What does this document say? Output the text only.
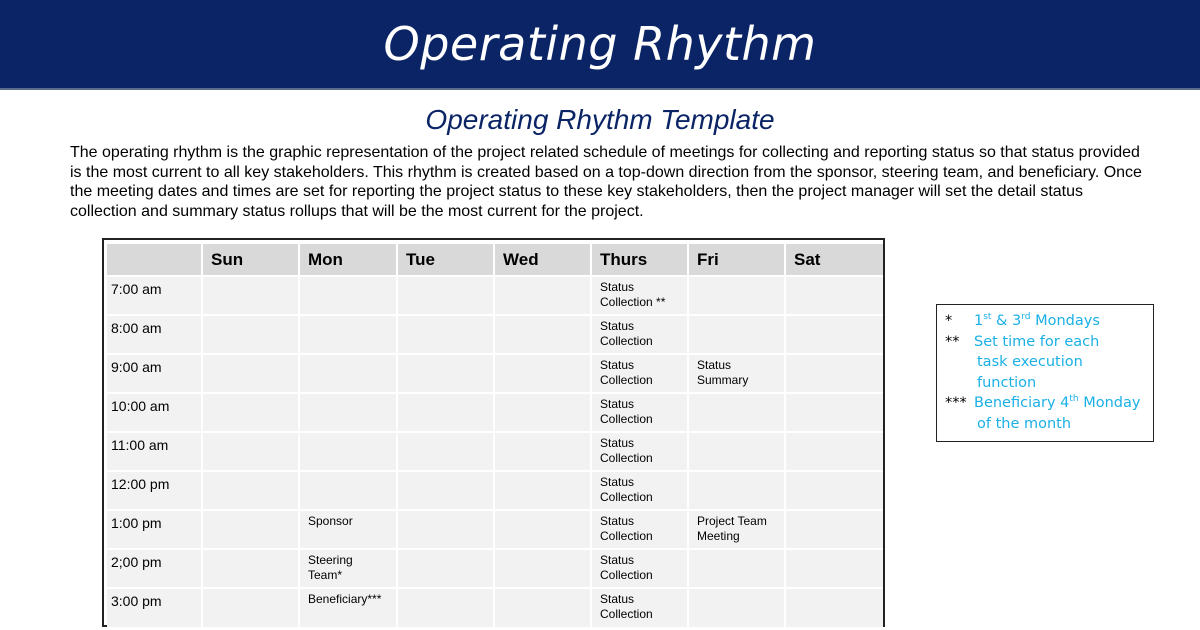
Operating Rhythm
Operating Rhythm Template

The operating rhythm is the graphic representation of the project related schedule of meetings for collecting and reporting status so that status provided is the most current to all key stakeholders. This rhythm is created based on a top-down direction from the sponsor, steering team, and beneficiary. Once the meeting dates and times are set for reporting the project status to these key stakeholders, then the project manager will set the detail status collection and summary status rollups that will be the most current for the project.

	Sun	Mon	Tue	Wed	Thurs	Fri	Sat
7:00 am					Status Collection **		
8:00 am					Status Collection		
9:00 am					Status Collection	Status Summary	
10:00 am					Status Collection		
11:00 am					Status Collection		
12:00 pm					Status Collection		
1:00 pm		Sponsor			Status Collection	Project Team Meeting	
2;00 pm		Steering Team*			Status Collection		
3:00 pm		Beneficiary***			Status Collection		
*	1st & 3rd Mondays
**	Set time for each
task execution
function
*** Beneficiary 4th Monday
of the month
